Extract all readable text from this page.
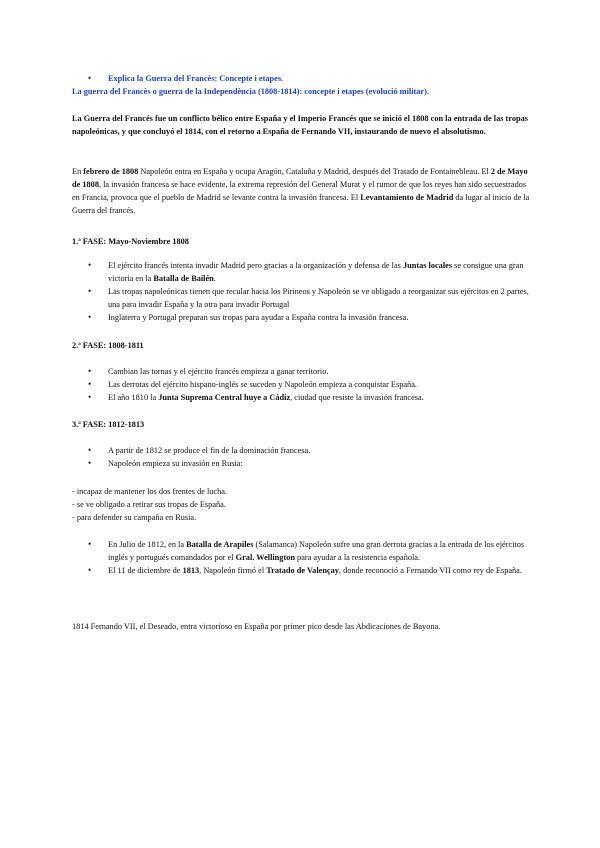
• Explica la Guerra del Francès: Concepte i etapes.
La guerra del Francès o guerra de la Independència (1808-1814): concepte i etapes (evolució militar).
La Guerra del Francés fue un conflicto bélico entre España y el Imperio Francés que se inició el 1808 con la entrada de las tropas napoleónicas, y que concluyó el 1814, con el retorno a España de Fernando VII, instaurando de nuevo el absolutismo.
En febrero de 1808 Napoleón entra en España y ocupa Aragón, Cataluña y Madrid, después del Tratado de Fontainebleau. El 2 de Mayo de 1808, la invasión francesa se hace evidente, la extrema represión del General Murat y el rumor de que los reyes han sido secuestrados en Francia, provoca que el pueblo de Madrid se levante contra la invasión francesa. El Levantamiento de Madrid da lugar al inicio de la Guerra del francés.
1.ª FASE: Mayo-Noviembre 1808
• El ejército francés intenta invadir Madrid pero gracias a la organización y defensa de las Juntas locales se consigue una gran victoria en la Batalla de Bailén.
• Las tropas napoleónicas tienen que recular hacia los Pirineos y Napoleón se ve obligado a reorganizar sus ejércitos en 2 partes, una para invadir España y la otra para invadir Portugal
• Inglaterra y Portugal preparan sus tropas para ayudar a España contra la invasión francesa.
2.ª FASE: 1808-1811
• Cambian las tornas y el ejército francés empieza a ganar territorio.
• Las derrotas del ejército hispano-inglés se suceden y Napoleón empieza a conquistar España.
• El año 1810 la Junta Suprema Central huye a Cádiz, ciudad que resiste la invasión francesa.
3.ª FASE: 1812-1813
• A partir de 1812 se produce el fin de la dominación francesa.
• Napoleón empieza su invasión en Rusia:
- incapaz de mantener los dos frentes de lucha.
- se ve obligado a retirar sus tropas de España.
- para defender su campaña en Rusia.
• En Julio de 1812, en la Batalla de Arapiles (Salamanca) Napoleón sufre una gran derrota gracias a la entrada de los ejércitos inglés y portugués comandados por el Gral. Wellington para ayudar a la resistencia española.
• El 11 de diciembre de 1813, Napoleón firmó el Tratado de Valençay, donde reconoció a Fernando VII como rey de España.
1814 Fernando VII, el Deseado, entra victorioso en España por primer pico desde las Abdicaciones de Bayona.
